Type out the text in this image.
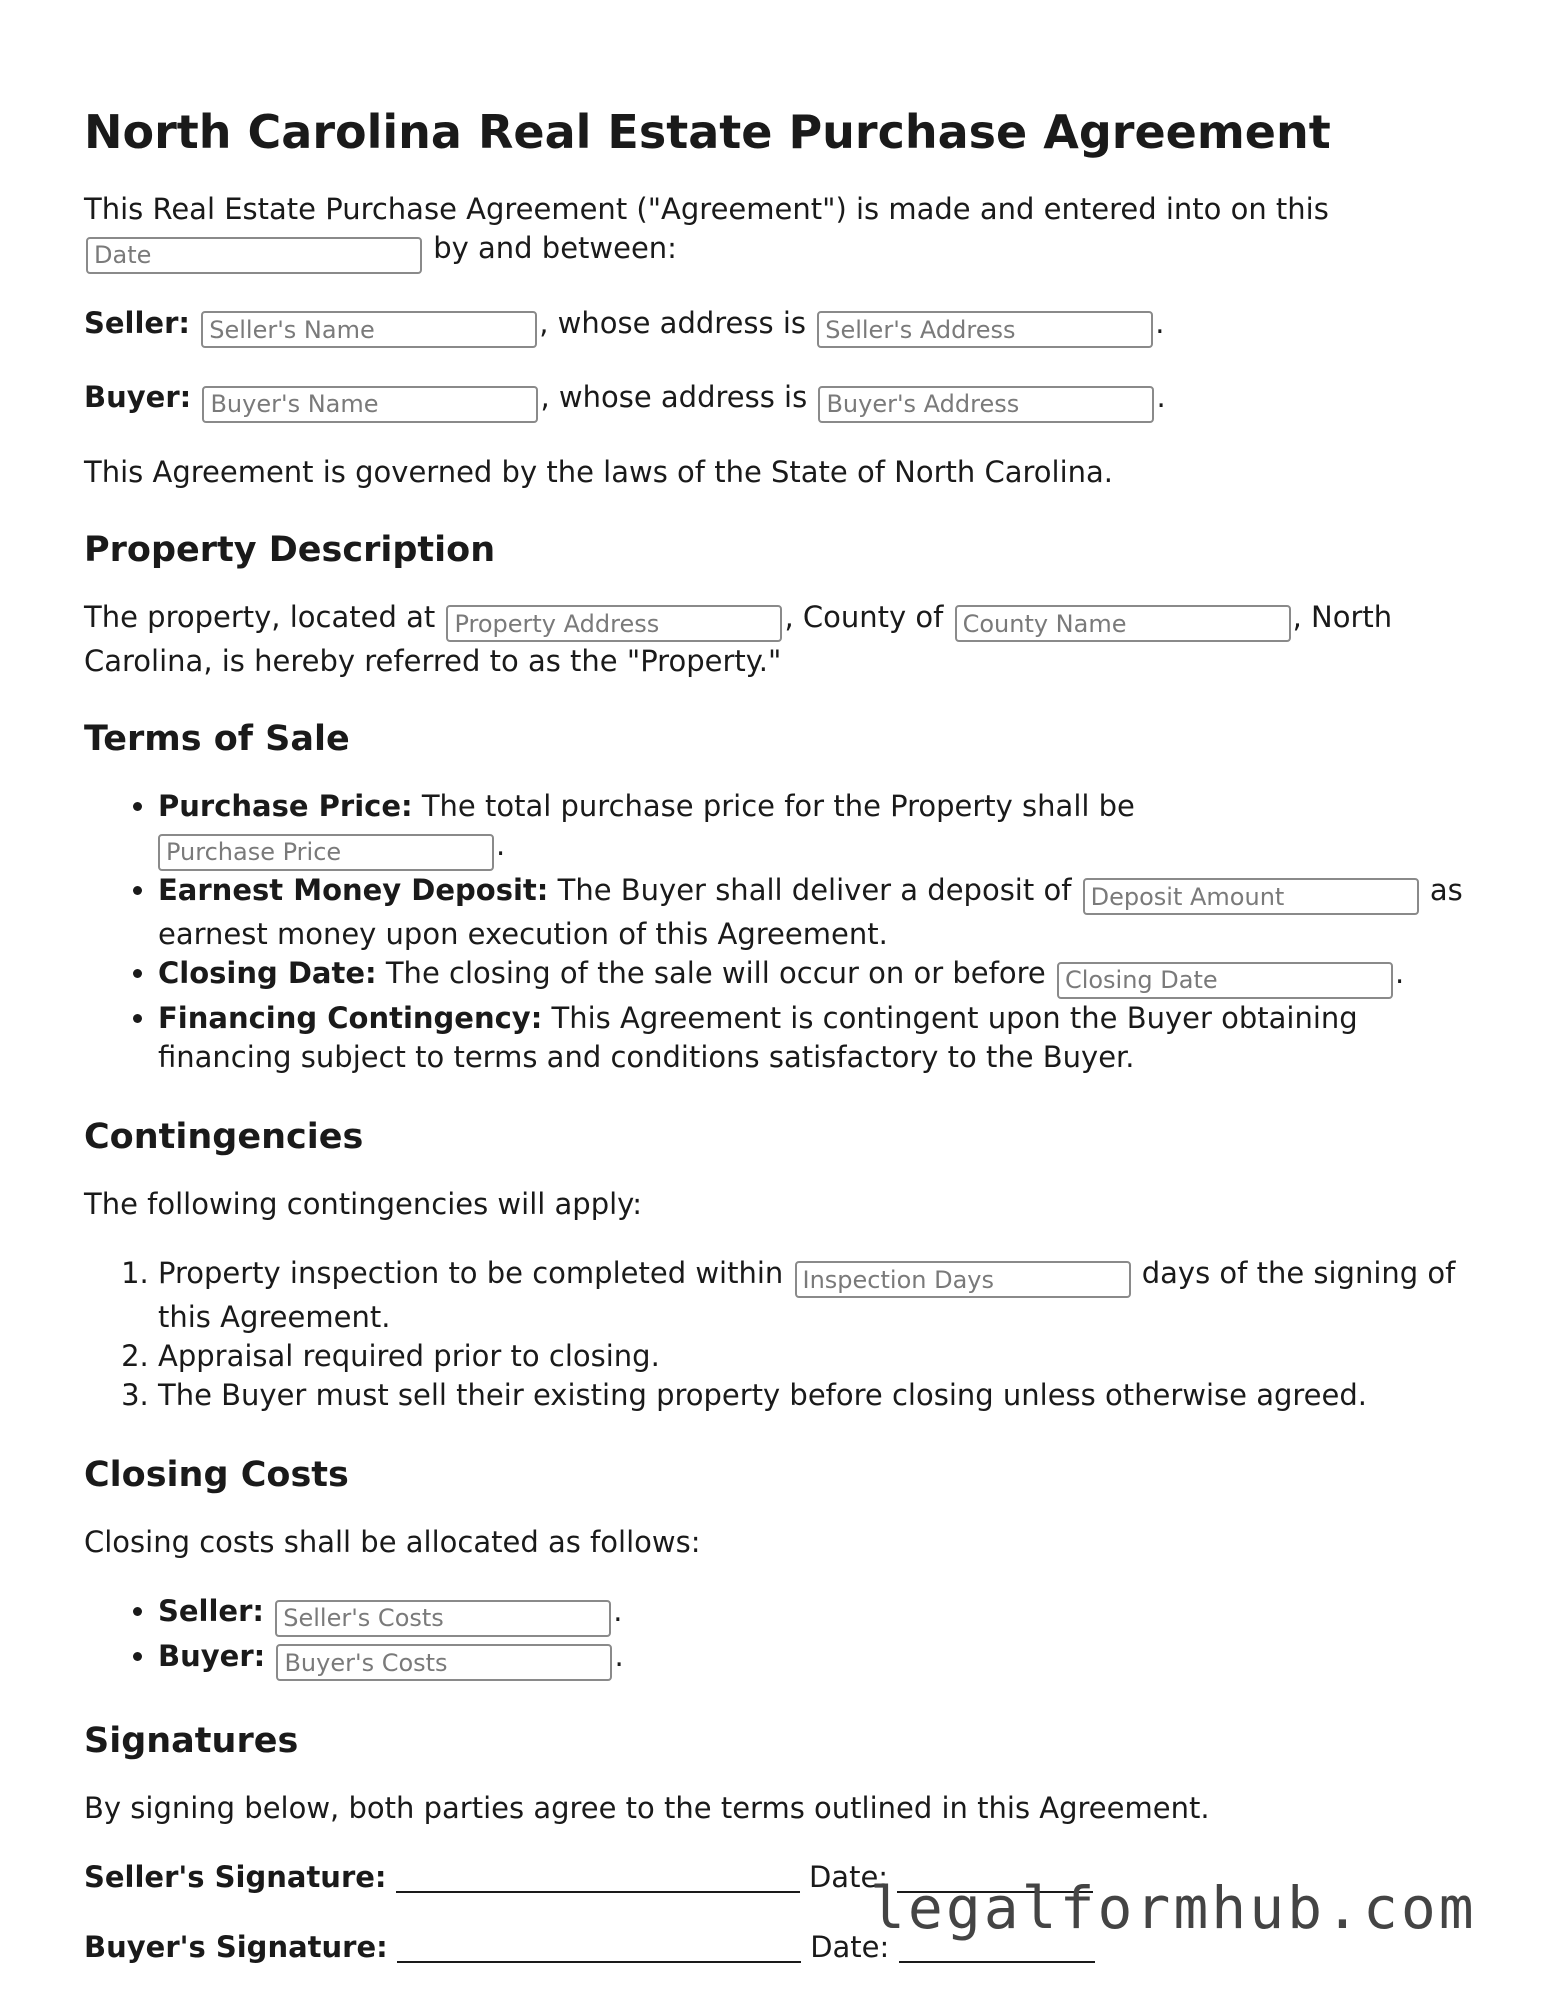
North Carolina Real Estate Purchase Agreement

This Real Estate Purchase Agreement ("Agreement") is made and entered into on this
Date by and between:

Seller: Seller's Name	, whose address is Seller's Address	.

Buyer: Buyer's Name	, whose address is Buyer's Address	.

This Agreement is governed by the laws of the State of North Carolina.

Property Description

The property, located at Property Address	, County of County Name	, North Carolina, is hereby referred to as the "Property."

Terms of Sale
• Purchase Price: The total purchase price for the Property shall be
Purchase Price.
• Earnest Money Deposit: The Buyer shall deliver a deposit of Deposit Amount	as earnest money upon execution of this Agreement.
• Closing Date: The closing of the sale will occur on or before Closing Date	.
• Financing Contingency: This Agreement is contingent upon the Buyer obtaining financing subject to terms and conditions satisfactory to the Buyer.
Contingencies

The following contingencies will apply:

1. Property inspection to be completed within Inspection Days	days of the signing of this Agreement.
2. Appraisal required prior to closing.
3. The Buyer must sell their existing property before closing unless otherwise agreed.
Closing Costs

Closing costs shall be allocated as follows:

• Seller: Seller's Costs	.
• Buyer: Buyer's Costs	.
Signatures

By signing below, both parties agree to the terms outlined in this Agreement.

Seller's Signature:	Date:
Buyer's Signature:	Date:
legalformhub.com
